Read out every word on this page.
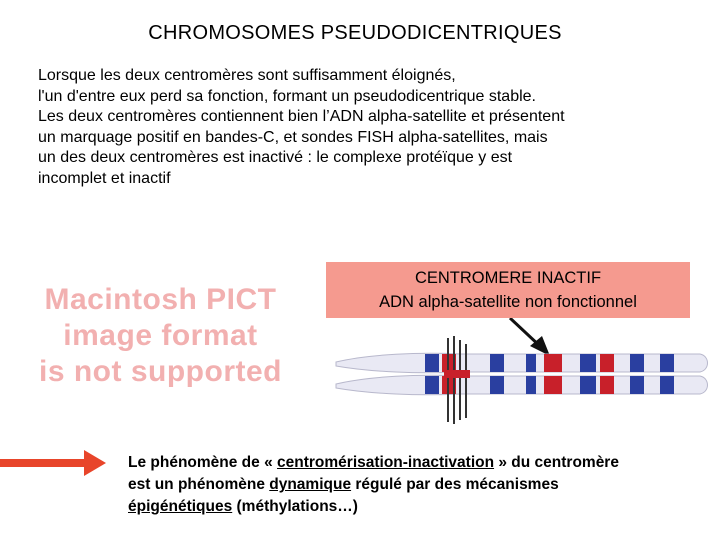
CHROMOSOMES PSEUDODICENTRIQUES
Lorsque les deux centromères sont suffisamment éloignés,
l'un d'entre eux perd sa fonction, formant un pseudodicentrique stable.
Les deux centromères contiennent bien l’ADN alpha-satellite et présentent
un marquage positif en bandes-C, et sondes FISH alpha-satellites, mais
un des deux centromères est inactivé : le complexe protéïque y est
incomplet et inactif
Macintosh PICT
image format
is not supported
CENTROMERE INACTIF
ADN alpha-satellite non fonctionnel
Le phénomène de « centromérisation-inactivation » du centromère
est un phénomène dynamique régulé par des mécanismes
épigénétiques (méthylations…)
